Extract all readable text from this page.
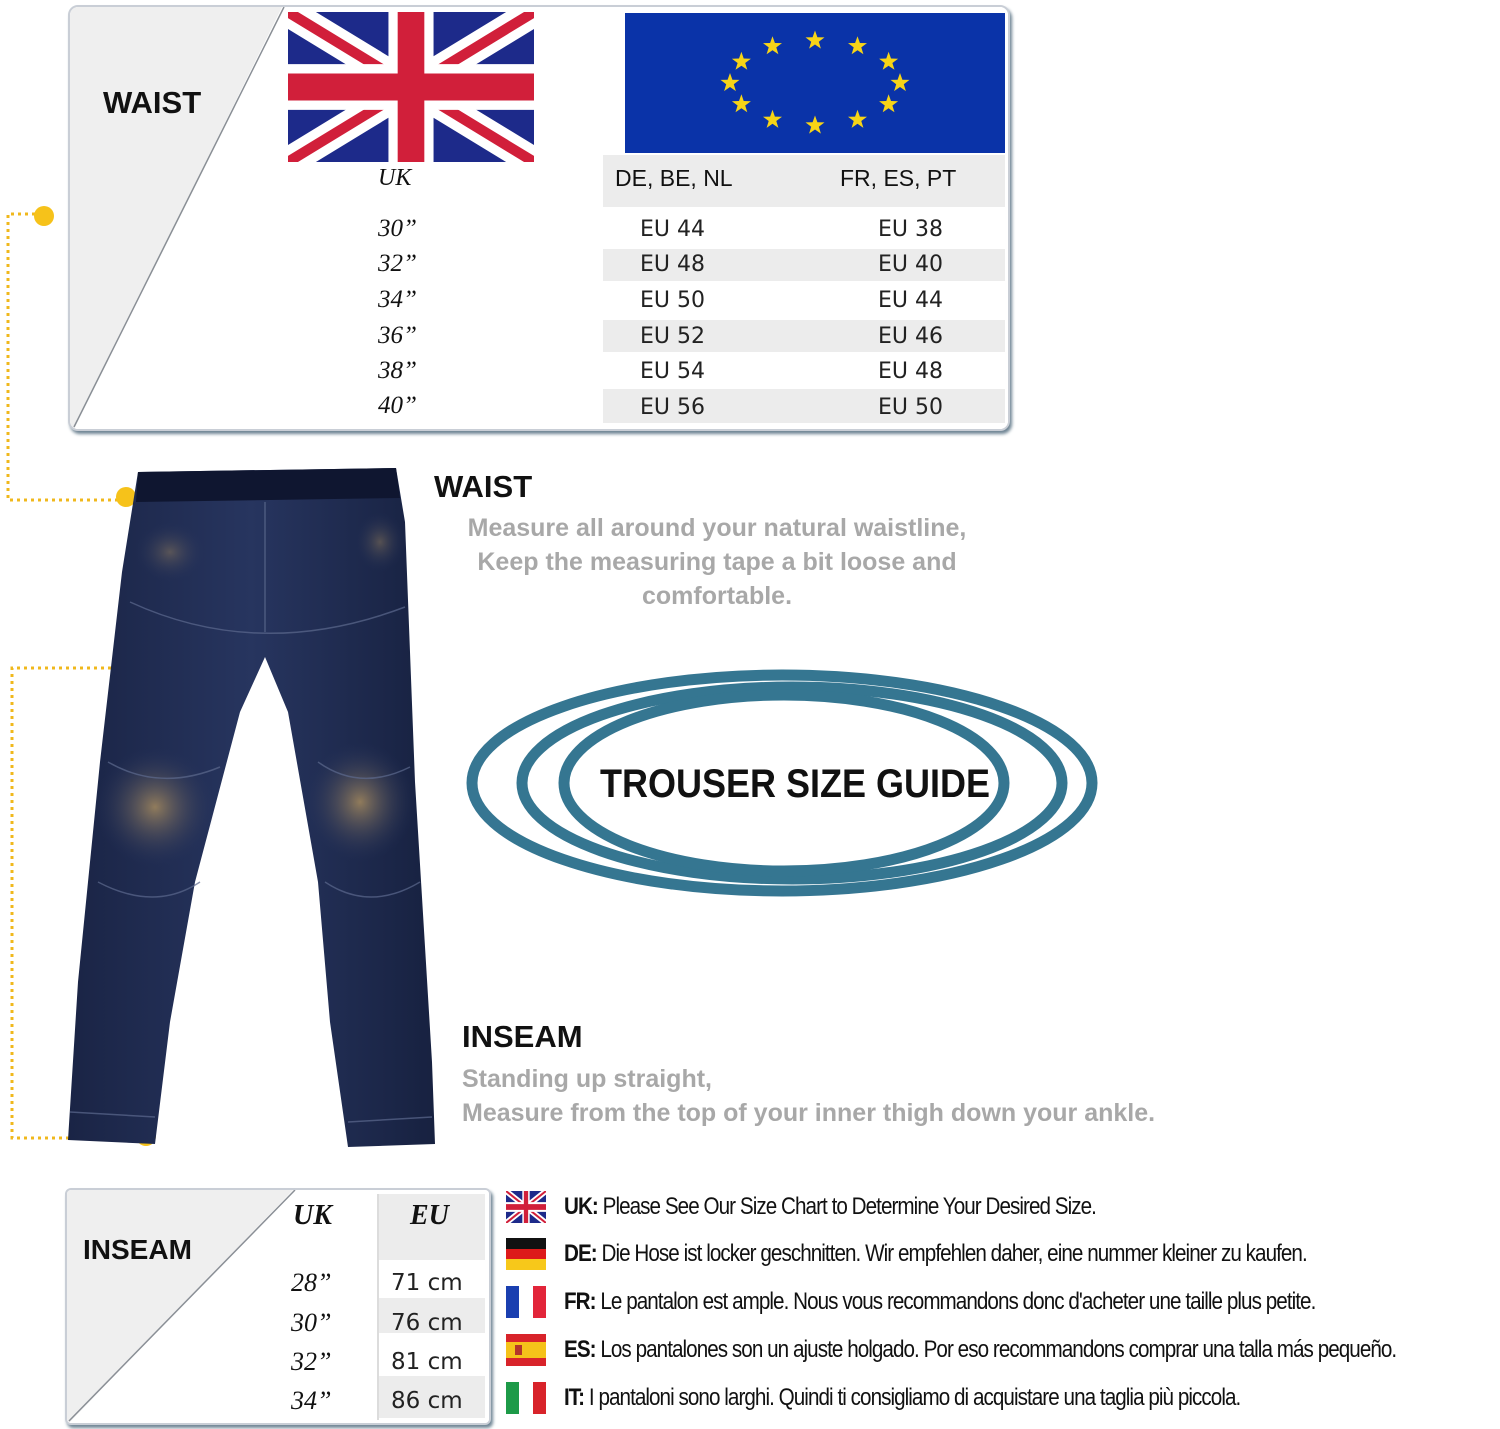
WAIST
UK	DE, BE, NL	FR, ES, PT
30”	EU 44	EU 38
32”	EU 48	EU 40
34”	EU 50	EU 44
36”	EU 52	EU 46
38”	EU 54	EU 48
40”	EU 56	EU 50
WAIST
Measure all around your natural waistline,
Keep the measuring tape a bit loose and
comfortable.
TROUSER SIZE GUIDE
INSEAM
Standing up straight,
Measure from the top of your inner thigh down your ankle.
INSEAM
UK	EU
28”	71 cm
30”	76 cm
32”	81 cm
34”	86 cm
UK: Please See Our Size Chart to Determine Your Desired Size.
DE: Die Hose ist locker geschnitten. Wir empfehlen daher, eine nummer kleiner zu kaufen.
FR: Le pantalon est ample. Nous vous recommandons donc d'acheter une taille plus petite.
ES: Los pantalones son un ajuste holgado. Por eso recommandons comprar una talla más pequeño.
IT: I pantaloni sono larghi. Quindi ti consigliamo di acquistare una taglia più piccola.
